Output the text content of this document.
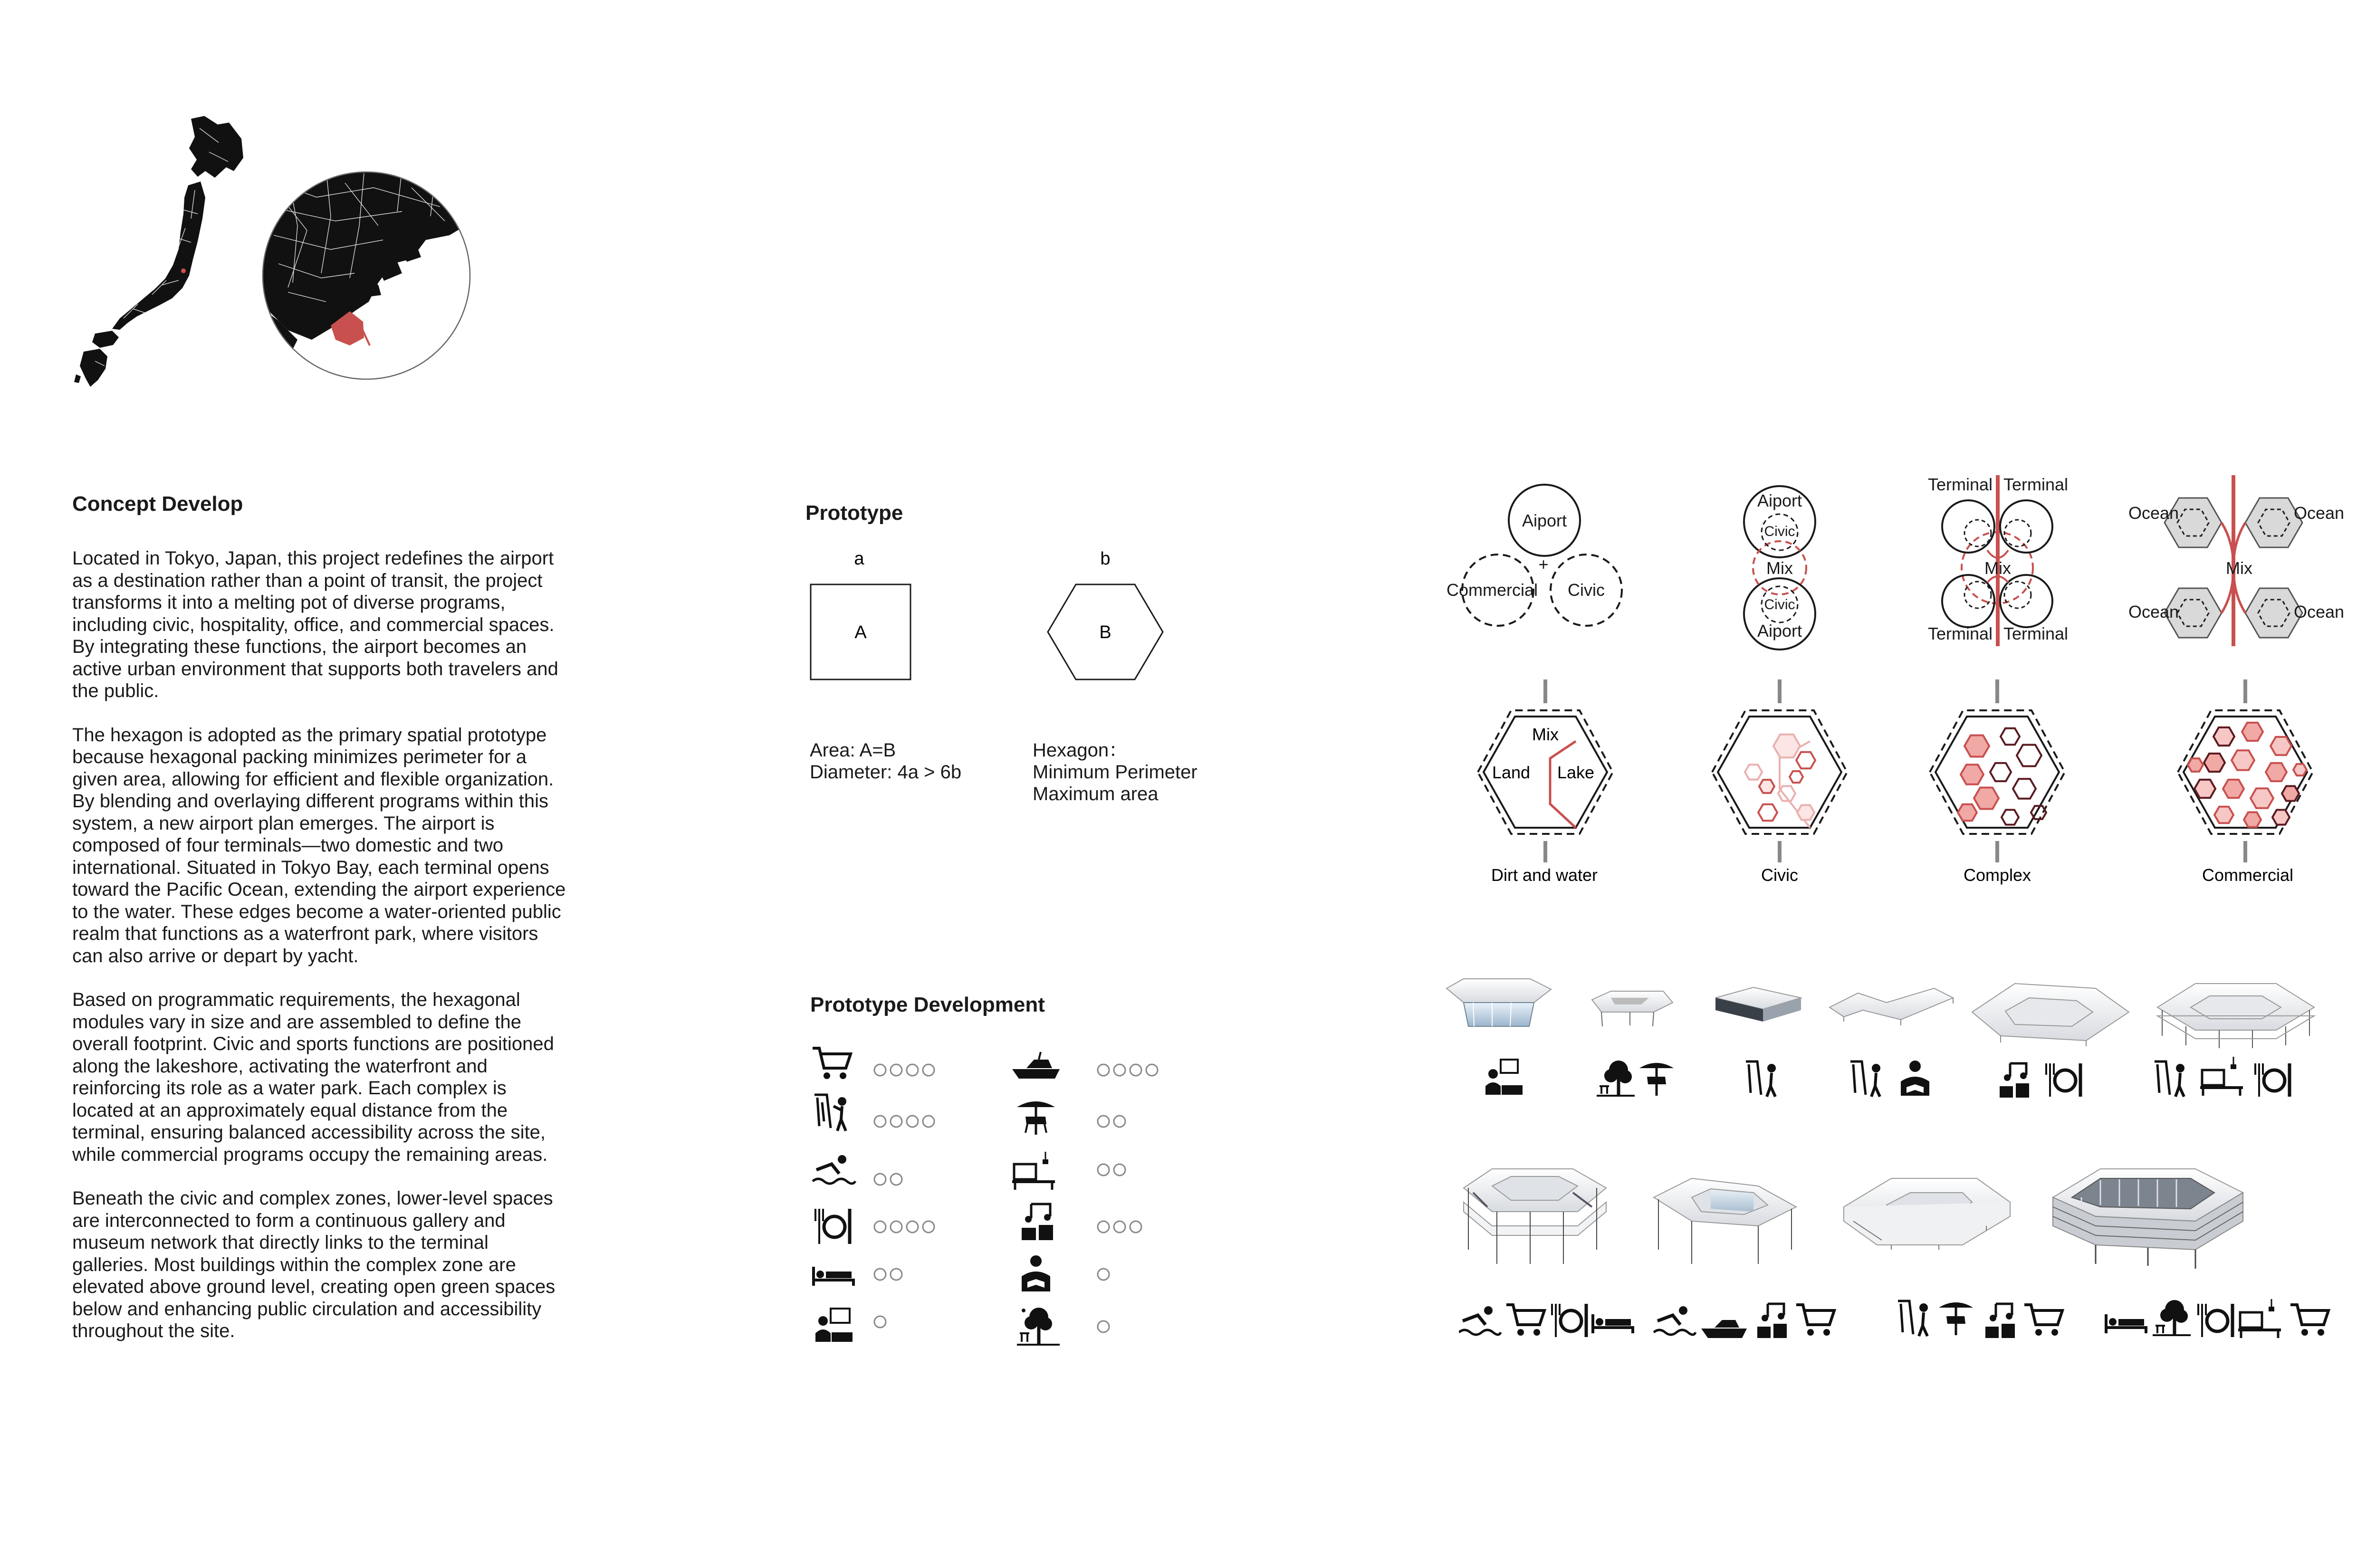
Concept Develop

Located in Tokyo, Japan, this project redefines the airport as a destination rather than a point of transit, the project transforms it into a melting pot of diverse programs, including civic, hospitality, office, and commercial spaces. By integrating these functions, the airport becomes an active urban environment that supports both travelers and the public.

The hexagon is adopted as the primary spatial prototype because hexagonal packing minimizes perimeter for a given area, allowing for efficient and flexible organization. By blending and overlaying different programs within this system, a new airport plan emerges. The airport is composed of four terminals—two domestic and two international. Situated in Tokyo Bay, each terminal opens toward the Pacific Ocean, extending the airport experience to the water. These edges become a water-oriented public realm that functions as a waterfront park, where visitors can also arrive or depart by yacht.

Based on programmatic requirements, the hexagonal modules vary in size and are assembled to define the overall footprint. Civic and sports functions are positioned along the lakeshore, activating the waterfront and reinforcing its role as a water park. Each complex is located at an approximately equal distance from the terminal, ensuring balanced accessibility across the site, while commercial programs occupy the remaining areas.

Beneath the civic and complex zones, lower-level spaces are interconnected to form a continuous gallery and museum network that directly links to the terminal galleries. Most buildings within the complex zone are elevated above ground level, creating open green spaces below and enhancing public circulation and accessibility throughout the site.

Prototype
a
A
b
B
Area: A=B
Diameter: 4a > 6b
Hexagon：
Minimum Perimeter
Maximum area
Prototype Development
Aiport
+
Commercial Civic
Aiport
Civic
Mix
Civic
Aiport
Terminal Terminal
Mix
Terminal Terminal
Ocean	Ocean
Mix
Ocean	Ocean
Mix
Land Lake
Dirt and water	Civic	Complex	Commercial
